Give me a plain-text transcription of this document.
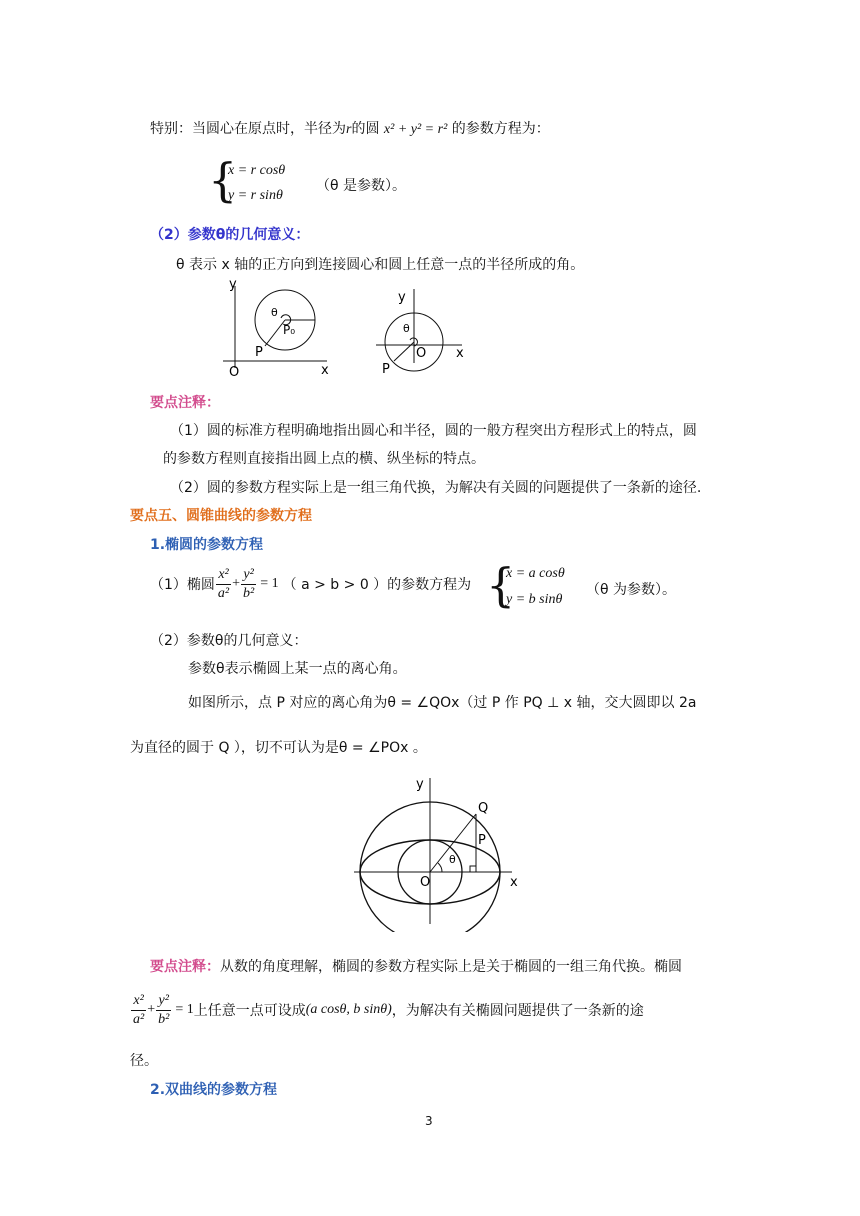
特别：当圆心在原点时，半径为r的圆 x² + y² = r² 的参数方程为：
{
x = r cosθ
y = r sinθ
（θ 是参数）。
（2）参数θ的几何意义：
θ 表示 x 轴的正方向到连接圆心和圆上任意一点的半径所成的角。
y
x
O
P
P₀
θ
y
x
O
P
θ
要点注释：
（1）圆的标准方程明确地指出圆心和半径，圆的一般方程突出方程形式上的特点，圆
的参数方程则直接指出圆上点的横、纵坐标的特点。
（2）圆的参数方程实际上是一组三角代换，为解决有关圆的问题提供了一条新的途径.
要点五、圆锥曲线的参数方程
1.椭圆的参数方程
（1）椭圆 $\frac{\text{x²}}{\text{a²}} + \frac{\text{y²}}{\text{b²}} = 1$ （ a > b > 0 ）的参数方程为 {
x = a cosθ
y = b sinθ
（θ 为参数）。
（2）参数θ的几何意义：
参数θ表示椭圆上某一点的离心角。
如图所示，点 P 对应的离心角为θ = ∠QOx（过 P 作 PQ ⊥ x 轴，交大圆即以 2a
为直径的圆于 Q ），切不可认为是θ = ∠POx 。
y
x
O
P
Q
θ
要点注释：从数的角度理解，椭圆的参数方程实际上是关于椭圆的一组三角代换。椭圆
$\frac{\text{x²}}{\text{a²}} + \frac{\text{y²}}{\text{b²}} = 1$ 上任意一点可设成 (a cosθ, b sinθ) ，为解决有关椭圆问题提供了一条新的途
径。
2.双曲线的参数方程
3
